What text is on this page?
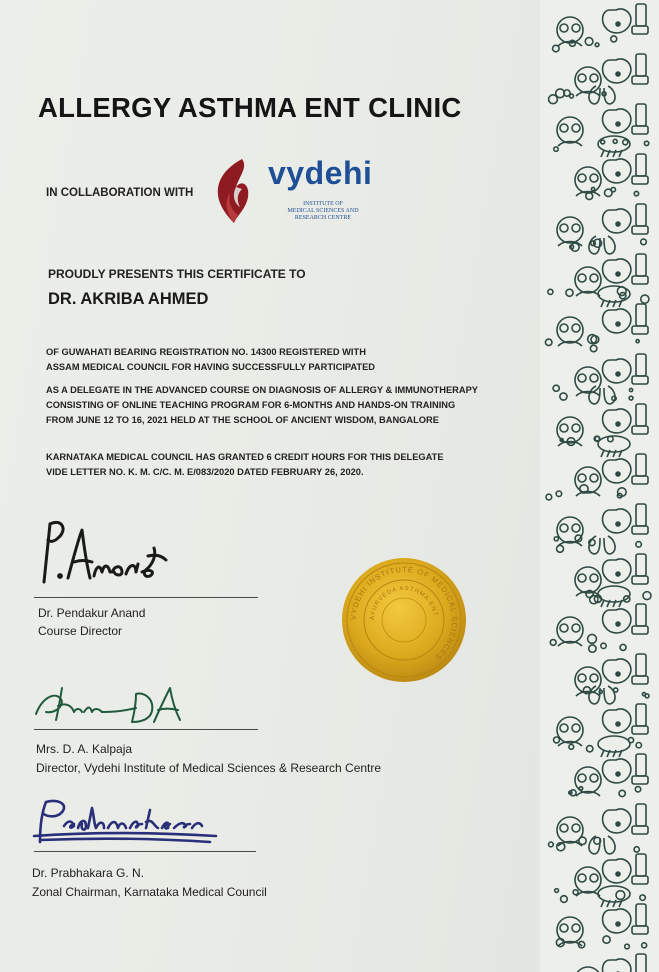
ALLERGY ASTHMA ENT CLINIC
IN COLLABORATION WITH
vydehi
INSTITUTE OF
MEDICAL SCIENCES AND
RESEARCH CENTRE
PROUDLY PRESENTS THIS CERTIFICATE TO
DR. AKRIBA AHMED

OF GUWAHATI BEARING REGISTRATION NO. 14300 REGISTERED WITH
ASSAM MEDICAL COUNCIL FOR HAVING SUCCESSFULLY PARTICIPATED

AS A DELEGATE IN THE ADVANCED COURSE ON DIAGNOSIS OF ALLERGY & IMMUNOTHERAPY
CONSISTING OF ONLINE TEACHING PROGRAM FOR 6-MONTHS AND HANDS-ON TRAINING
FROM JUNE 12 TO 16, 2021 HELD AT THE SCHOOL OF ANCIENT WISDOM, BANGALORE

KARNATAKA MEDICAL COUNCIL HAS GRANTED 6 CREDIT HOURS FOR THIS DELEGATE
VIDE LETTER NO. K. M. C/C. M. E/083/2020 DATED FEBRUARY 26, 2020.

Dr. Pendakur Anand
Course Director
Mrs. D. A. Kalpaja
Director, Vydehi Institute of Medical Sciences & Research Centre
Dr. Prabhakara G. N.
Zonal Chairman, Karnataka Medical Council
VYDEHI INSTITUTE OF MEDICAL SCIENCES
AYURVEDA ASTHMA ENT
